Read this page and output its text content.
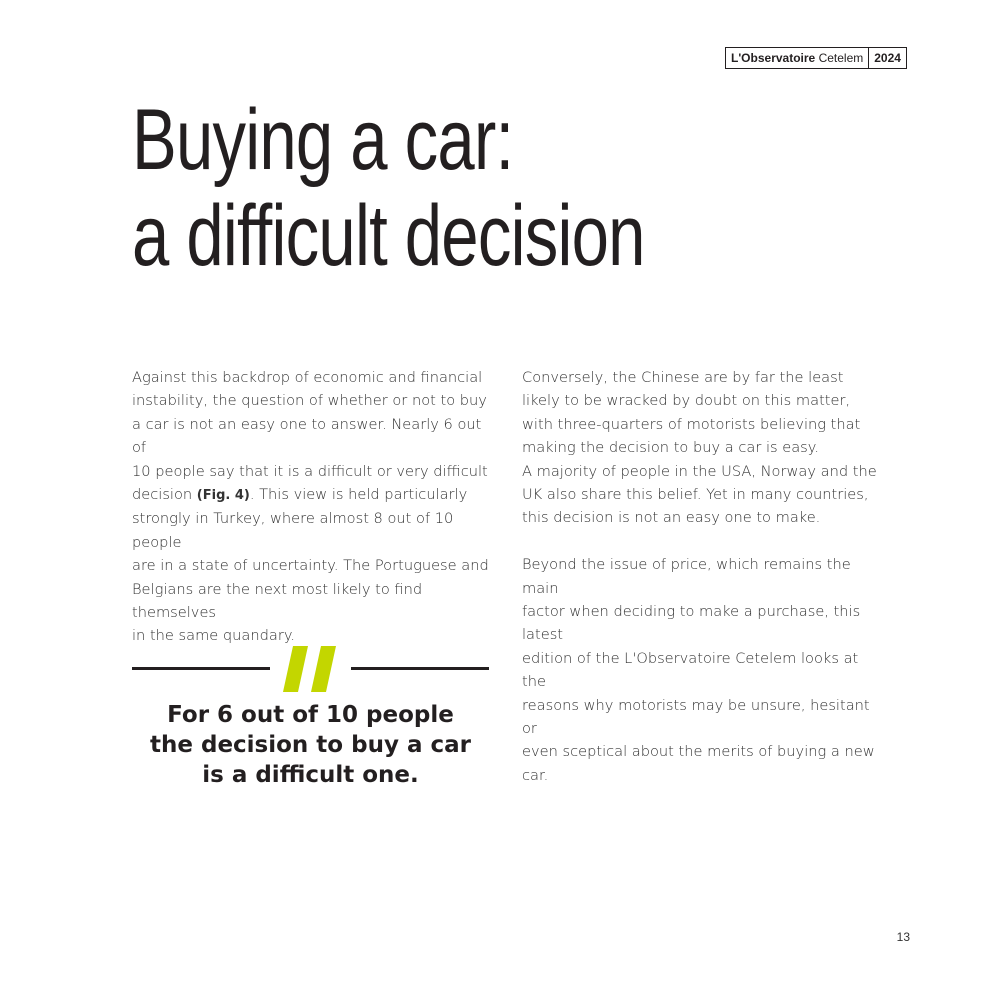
L'Observatoire Cetelem 2024
Buying a car:
a difficult decision

Against this backdrop of economic and financial

instability, the question of whether or not to buy

a car is not an easy one to answer. Nearly 6 out of

10 people say that it is a difficult or very difficult

decision (Fig. 4). This view is held particularly

strongly in Turkey, where almost 8 out of 10 people

are in a state of uncertainty. The Portuguese and

Belgians are the next most likely to find themselves

in the same quandary.

Conversely, the Chinese are by far the least

likely to be wracked by doubt on this matter,

with three-quarters of motorists believing that

making the decision to buy a car is easy.

A majority of people in the USA, Norway and the

UK also share this belief. Yet in many countries,

this decision is not an easy one to make.

Beyond the issue of price, which remains the main

factor when deciding to make a purchase, this latest

edition of the L'Observatoire Cetelem looks at the

reasons why motorists may be unsure, hesitant or

even sceptical about the merits of buying a new car.

For 6 out of 10 people
the decision to buy a car
is a difficult one.
13
